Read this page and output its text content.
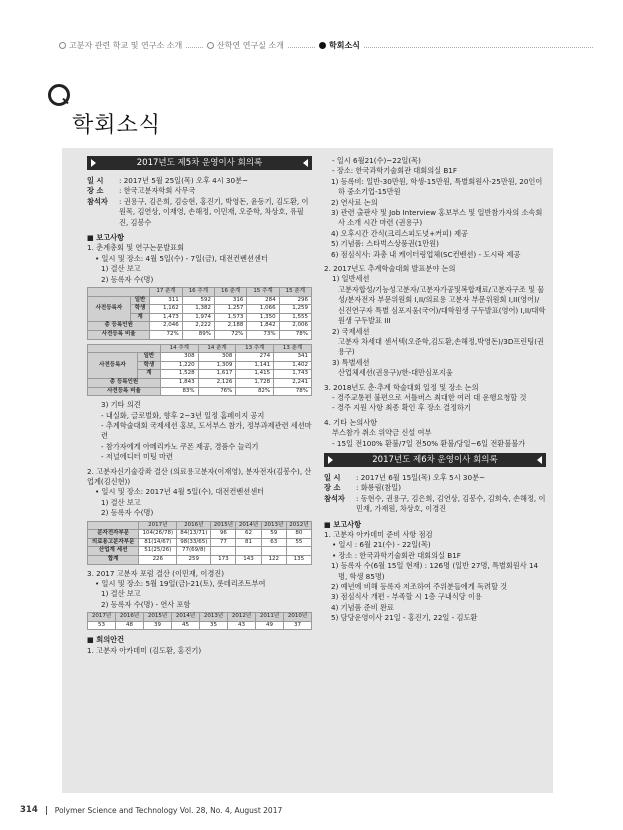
고분자 관련 학교 및 연구소 소개	산학연 연구실 소개	학회소식
학회소식
2017년도 제5차 운영이사 회의록
일 시	: 2017년 5월 25일(목) 오후 4시 30분~
장 소	: 한국고분자학회 사무국
참석자	: 권용구, 김은희, 김승현, 홍진기, 박영돈, 윤동기, 김도환, 이원목, 김연상, 이재영, 손해정, 이민재, 오준학, 차상호, 유필진, 김봉수
■ 보고사항
1. 춘계총회 및 연구논문발표회
• 일시 및 장소: 4월 5일(수) - 7일(금), 대전컨벤션센터
1) 결산 보고
2) 등록자 수(명)
		17 춘계	16 추계	16 춘계	15 추계	15 춘계
사전등록자	일반	311	592	316	284	296
	학생	1,162	1,382	1,257	1,066	1,259
	계	1,473	1,974	1,573	1,350	1,555
총 등록인원		2,046	2,222	2,188	1,842	2,006
사전등록 비율		72%	89%	72%	73%	78%
		14 추계	14 춘계	13 추계	13 춘계
사전등록자	일반	308	308	274	341
	학생	1,220	1,309	1,141	1,402
	계	1,528	1,617	1,415	1,743
총 등록인원		1,843	2,126	1,728	2,241
사전등록 비율		83%	76%	82%	78%
3) 기타 의견
- 내실화, 글로벌화, 향후 2~3년 일정 홈페이지 공지
- 추계학술대회 국제세션 홍보, 도서부스 참가, 정부과제관련 세션마련
- 참가자에게 아메리카노 쿠폰 제공, 경품수 늘리기
- 저널에디터 미팅 마련
2. 고분자신기술강좌 결산 (의료용고분자(이재영), 분자전자(김봉수), 산업계(김신현))
• 일시 및 장소: 2017년 4월 5일(수), 대전컨벤션센터
1) 결산 보고
2) 등록자 수(명)
	2017년	2016년	2015년	2014년	2013년	2012년
분자전자부문	104(26/78)	84(13/71)	96	62	59	80
의료용고분자부문	81(14/67)	98(33/65)	77	81	63	55
산업계 세션	51(25/26)	77(69/8)				
합계	226	259	173	143	122	135
3. 2017 고분자 포럼 결산 (이민재, 이경진)
• 일시 및 장소: 5월 19일(금)-21(토), 롯데리조트부여
1) 결산 보고
2) 등록자 수(명) - 연사 포함
2017년	2016년	2015년	2014년	2013년	2012년	2011년	2010년
53	48	39	45	35	43	49	37
■ 회의안건
1. 고분자 아카데미 (김도환, 홍진기)
- 일시 6월21(수)~22일(목)
- 장소: 한국과학기술회관 대회의실 B1F
1) 등록비: 일반-30만원, 학생-15만원, 특별회원사-25만원, 20인이하 중소기업-15만원
2) 연사료 논의
3) 관련 출판사 및 Job Interview 홍보부스 및 일반참가자의 소속회사 소개 시간 마련 (권용구)
4) 오후시간 간식(크리스피도넛+커피) 제공
5) 기념품: 스타벅스상품권(1만원)
6) 점심식사: 과총 내 케이터링업체(SC컨벤션) - 도시락 제공
2. 2017년도 추계학술대회 발표분야 논의
1) 일반세션
고분자합성/기능성고분자/고분자가공및복합재료/고분자구조 및 물성/분자전자 부문위원회 I,II/의료용 고분자 부문위원회 I,II(영어)/신진연구자 특별 심포지움(국어)/대학원생 구두발표(영어) I,II/대학원생 구두발표 III
2) 국제세션
고분자 차세대 센서텍(오준학,김도환,손해정,박영돈)/3D프린팅(권용구)
3) 특별세션
산업체세션(권용구)/한-대만심포지움
3. 2018년도 춘·추계 학술대회 일정 및 장소 논의
- 경주교통편 불편으로 서틀버스 최대한 여러 대 운행요청할 것
- 경주 지원 사항 최종 확인 후 장소 결정하기
4. 기타 논의사항
부스참가 취소 위약금 신설 여부
- 15일 전100% 환불/7일 전50% 환불/당일~6일 전환불불가
2017년도 제6차 운영이사 회의록
일 시	: 2017년 6월 15일(목) 오후 5시 30분~
장 소	: 화룡림(참일)
참석자	: 동현수, 권용구, 김은희, 김연상, 김봉수, 김희숙, 손해정, 이민재, 가재원, 차상호, 이경진
■ 보고사항
1. 고분자 아카데미 준비 사항 점검
• 일시 : 6월 21(수) - 22일(목)
• 장소 : 한국과학기술회관 대회의실 B1F
1) 등록자 수(6월 15일 현재) : 126명 (일반 27명, 특별회원사 14명, 학생 85명)
2) 예년에 비해 등록자 저조하여 주위분들에게 독려할 것
3) 점심식사 개편 - 부족할 시 1층 구내식당 이용
4) 기념품 준비 완료
5) 담당운영이사 21일 - 홍진기, 22일 - 김도환
314 Polymer Science and Technology Vol. 28, No. 4, August 2017
